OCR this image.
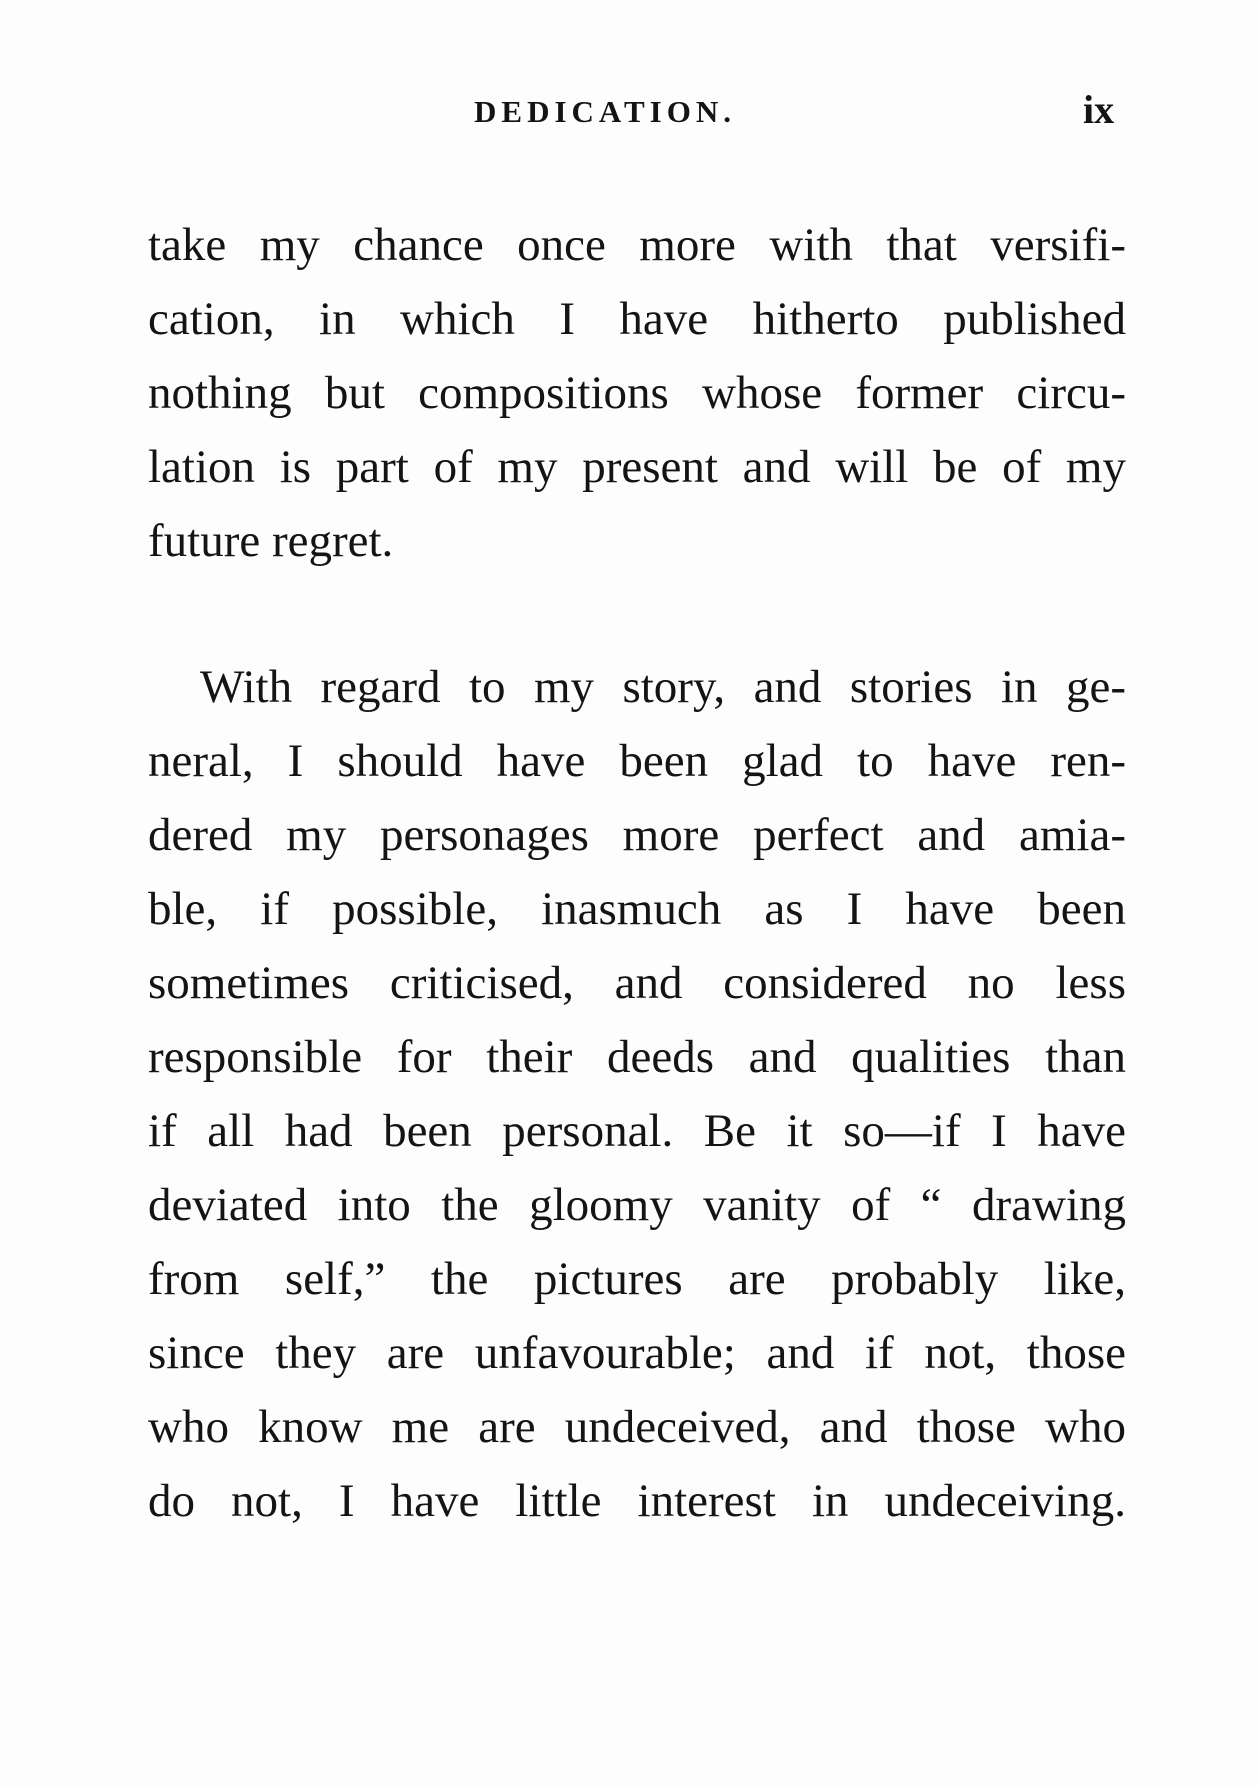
DEDICATION.	ix
take my chance once more with that versifi-
cation, in which I have hitherto published
nothing but compositions whose former circu-
lation is part of my present and will be of my
future regret.
With regard to my story, and stories in ge-
neral, I should have been glad to have ren-
dered my personages more perfect and amia-
ble, if possible, inasmuch as I have been
sometimes criticised, and considered no less
responsible for their deeds and qualities than
if all had been personal. Be it so—if I have
deviated into the gloomy vanity of “ drawing
from self,” the pictures are probably like,
since they are unfavourable; and if not, those
who know me are undeceived, and those who
do not, I have little interest in undeceiving.
